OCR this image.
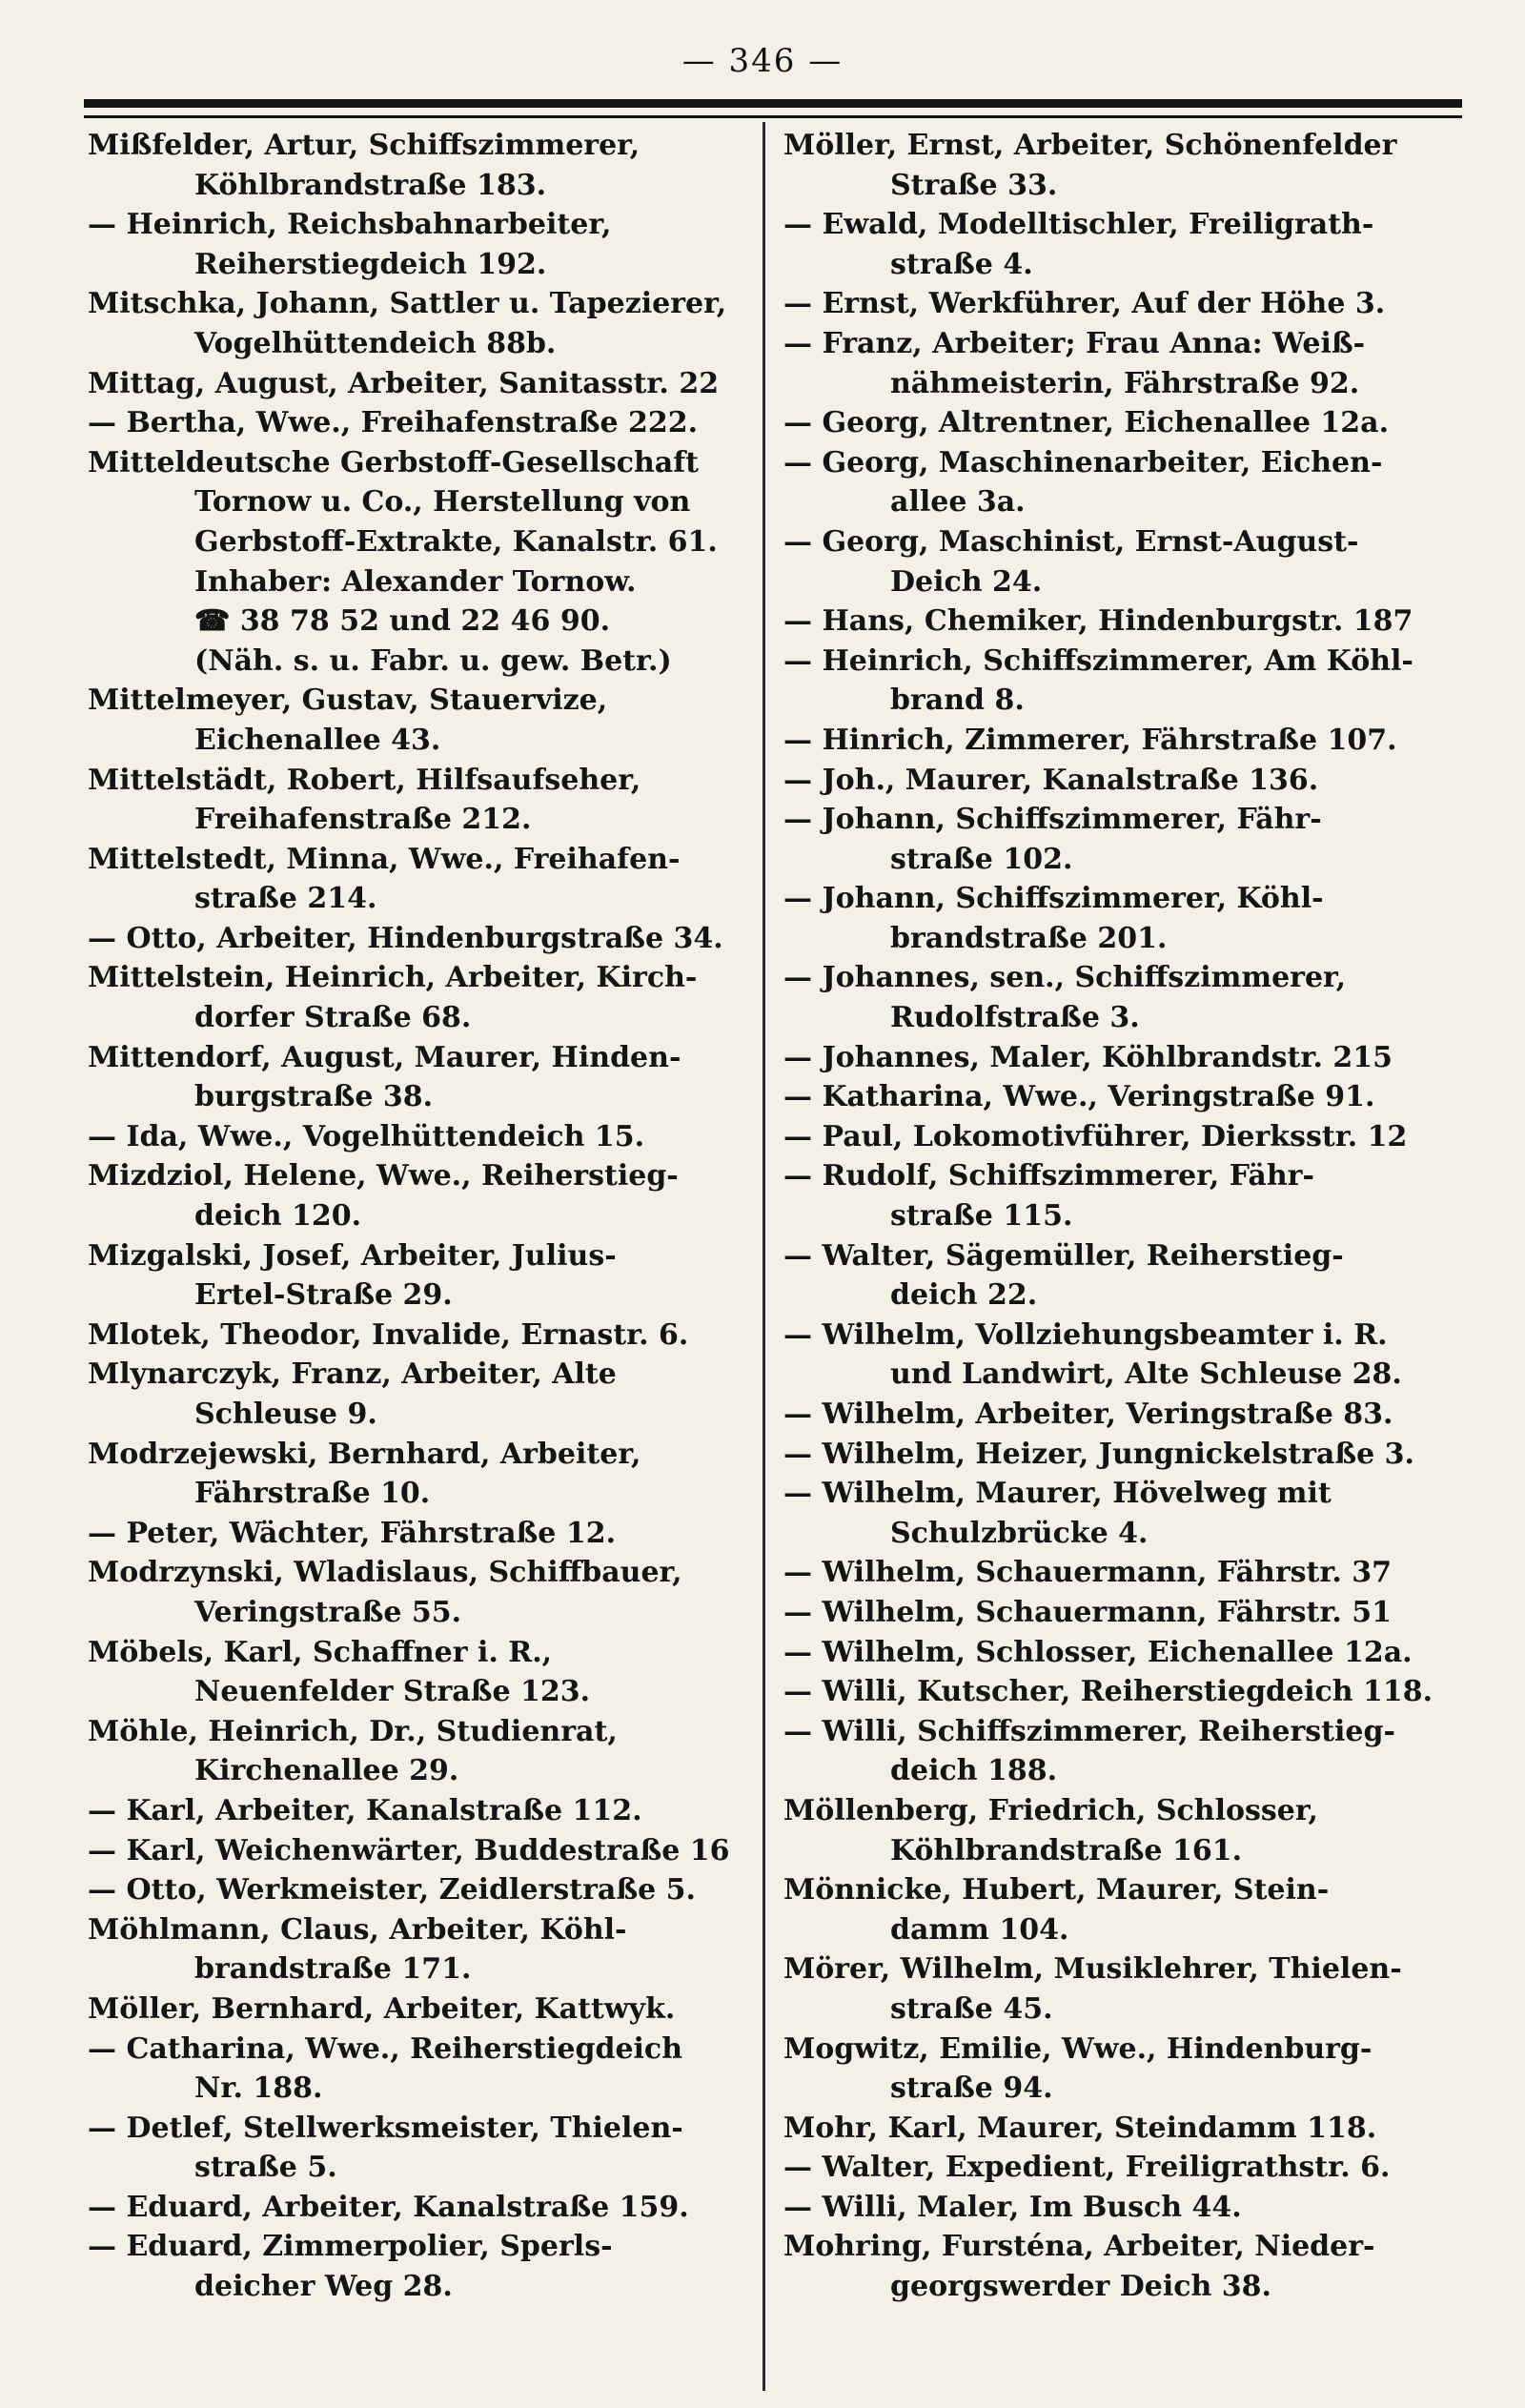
— 346 —
Mißfelder, Artur, Schiffszimmerer,
Köhlbrandstraße 183.
— Heinrich, Reichsbahnarbeiter,
Reiherstiegdeich 192.
Mitschka, Johann, Sattler u. Tapezierer,
Vogelhüttendeich 88b.
Mittag, August, Arbeiter, Sanitasstr. 22
— Bertha, Wwe., Freihafenstraße 222.
Mitteldeutsche Gerbstoff-Gesellschaft
Tornow u. Co., Herstellung von
Gerbstoff-Extrakte, Kanalstr. 61.
Inhaber: Alexander Tornow.
☎ 38 78 52 und 22 46 90.
(Näh. s. u. Fabr. u. gew. Betr.)
Mittelmeyer, Gustav, Stauervize,
Eichenallee 43.
Mittelstädt, Robert, Hilfsaufseher,
Freihafenstraße 212.
Mittelstedt, Minna, Wwe., Freihafen-
straße 214.
— Otto, Arbeiter, Hindenburgstraße 34.
Mittelstein, Heinrich, Arbeiter, Kirch-
dorfer Straße 68.
Mittendorf, August, Maurer, Hinden-
burgstraße 38.
— Ida, Wwe., Vogelhüttendeich 15.
Mizdziol, Helene, Wwe., Reiherstieg-
deich 120.
Mizgalski, Josef, Arbeiter, Julius-
Ertel-Straße 29.
Mlotek, Theodor, Invalide, Ernastr. 6.
Mlynarczyk, Franz, Arbeiter, Alte
Schleuse 9.
Modrzejewski, Bernhard, Arbeiter,
Fährstraße 10.
— Peter, Wächter, Fährstraße 12.
Modrzynski, Wladislaus, Schiffbauer,
Veringstraße 55.
Möbels, Karl, Schaffner i. R.,
Neuenfelder Straße 123.
Möhle, Heinrich, Dr., Studienrat,
Kirchenallee 29.
— Karl, Arbeiter, Kanalstraße 112.
— Karl, Weichenwärter, Buddestraße 16
— Otto, Werkmeister, Zeidlerstraße 5.
Möhlmann, Claus, Arbeiter, Köhl-
brandstraße 171.
Möller, Bernhard, Arbeiter, Kattwyk.
— Catharina, Wwe., Reiherstiegdeich
Nr. 188.
— Detlef, Stellwerksmeister, Thielen-
straße 5.
— Eduard, Arbeiter, Kanalstraße 159.
— Eduard, Zimmerpolier, Sperls-
deicher Weg 28.
Möller, Ernst, Arbeiter, Schönenfelder
Straße 33.
— Ewald, Modelltischler, Freiligrath-
straße 4.
— Ernst, Werkführer, Auf der Höhe 3.
— Franz, Arbeiter; Frau Anna: Weiß-
nähmeisterin, Fährstraße 92.
— Georg, Altrentner, Eichenallee 12a.
— Georg, Maschinenarbeiter, Eichen-
allee 3a.
— Georg, Maschinist, Ernst-August-
Deich 24.
— Hans, Chemiker, Hindenburgstr. 187
— Heinrich, Schiffszimmerer, Am Köhl-
brand 8.
— Hinrich, Zimmerer, Fährstraße 107.
— Joh., Maurer, Kanalstraße 136.
— Johann, Schiffszimmerer, Fähr-
straße 102.
— Johann, Schiffszimmerer, Köhl-
brandstraße 201.
— Johannes, sen., Schiffszimmerer,
Rudolfstraße 3.
— Johannes, Maler, Köhlbrandstr. 215
— Katharina, Wwe., Veringstraße 91.
— Paul, Lokomotivführer, Dierksstr. 12
— Rudolf, Schiffszimmerer, Fähr-
straße 115.
— Walter, Sägemüller, Reiherstieg-
deich 22.
— Wilhelm, Vollziehungsbeamter i. R.
und Landwirt, Alte Schleuse 28.
— Wilhelm, Arbeiter, Veringstraße 83.
— Wilhelm, Heizer, Jungnickelstraße 3.
— Wilhelm, Maurer, Hövelweg mit
Schulzbrücke 4.
— Wilhelm, Schauermann, Fährstr. 37
— Wilhelm, Schauermann, Fährstr. 51
— Wilhelm, Schlosser, Eichenallee 12a.
— Willi, Kutscher, Reiherstiegdeich 118.
— Willi, Schiffszimmerer, Reiherstieg-
deich 188.
Möllenberg, Friedrich, Schlosser,
Köhlbrandstraße 161.
Mönnicke, Hubert, Maurer, Stein-
damm 104.
Mörer, Wilhelm, Musiklehrer, Thielen-
straße 45.
Mogwitz, Emilie, Wwe., Hindenburg-
straße 94.
Mohr, Karl, Maurer, Steindamm 118.
— Walter, Expedient, Freiligrathstr. 6.
— Willi, Maler, Im Busch 44.
Mohring, Fursténa, Arbeiter, Nieder-
georgswerder Deich 38.
